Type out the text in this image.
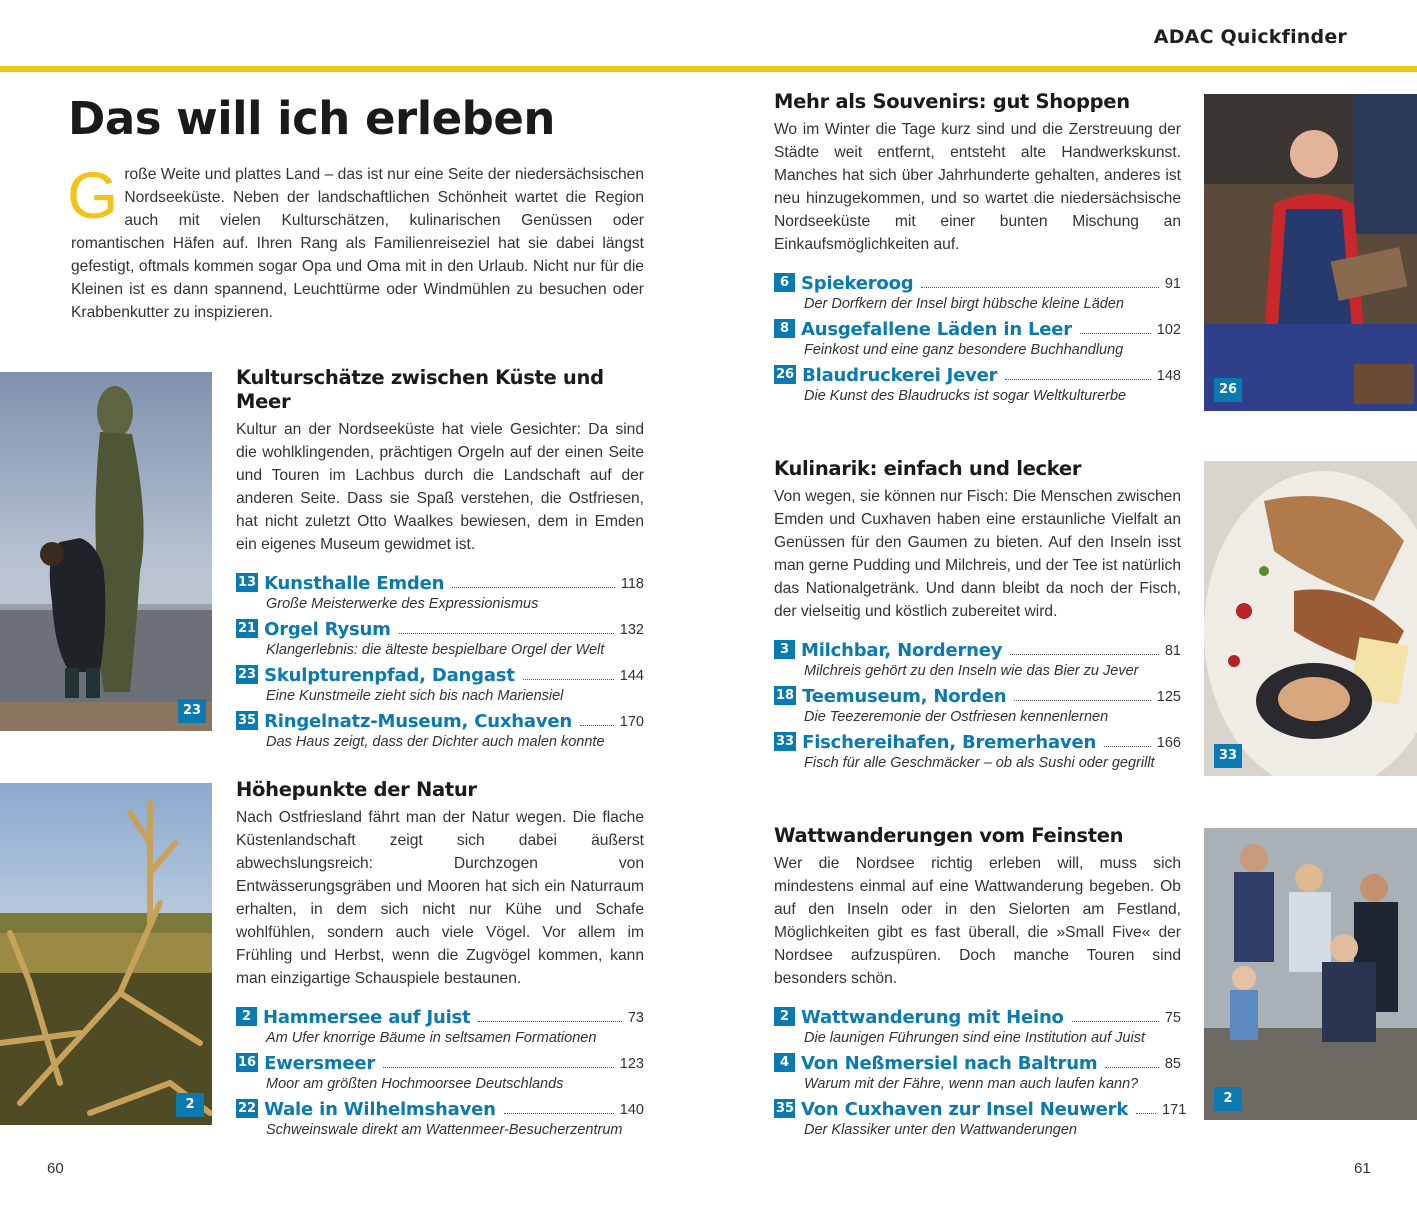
ADAC Quickfinder
Das will ich erleben
G roße Weite und plattes Land – das ist nur eine Seite der niedersächsischen Nordseeküste. Neben der landschaftlichen Schönheit wartet die Region auch mit vielen Kulturschätzen, kulinarischen Genüssen oder romantischen Häfen auf. Ihren Rang als Familienreiseziel hat sie dabei längst gefestigt, oftmals kommen sogar Opa und Oma mit in den Urlaub. Nicht nur für die Kleinen ist es dann spannend, Leuchttürme oder Windmühlen zu besuchen oder Krabbenkutter zu inspizieren.
23
2
26
33
2
Kulturschätze zwischen Küste und Meer

Kultur an der Nordseeküste hat viele Gesichter: Da sind die wohlklingenden, prächtigen Orgeln auf der einen Seite und Touren im Lachbus durch die Landschaft auf der anderen Seite. Dass sie Spaß verstehen, die Ostfriesen, hat nicht zuletzt Otto Waalkes bewiesen, dem in Emden ein eigenes Museum gewidmet ist.

13 Kunsthalle Emden	118
Große Meisterwerke des Expressionismus
21 Orgel Rysum	132
Klangerlebnis: die älteste bespielbare Orgel der Welt
23 Skulpturenpfad, Dangast	144
Eine Kunstmeile zieht sich bis nach Mariensiel
35 Ringelnatz-Museum, Cuxhaven	170
Das Haus zeigt, dass der Dichter auch malen konnte
Höhepunkte der Natur

Nach Ostfriesland fährt man der Natur wegen. Die flache Küstenlandschaft zeigt sich dabei äußerst abwechslungsreich: Durchzogen von Entwässerungsgräben und Mooren hat sich ein Naturraum erhalten, in dem sich nicht nur Kühe und Schafe wohlfühlen, sondern auch viele Vögel. Vor allem im Frühling und Herbst, wenn die Zugvögel kommen, kann man einzigartige Schauspiele bestaunen.

2 Hammersee auf Juist	73
Am Ufer knorrige Bäume in seltsamen Formationen
16 Ewersmeer	123
Moor am größten Hochmoorsee Deutschlands
22 Wale in Wilhelmshaven	140
Schweinswale direkt am Wattenmeer-Besucherzentrum
Mehr als Souvenirs: gut Shoppen

Wo im Winter die Tage kurz sind und die Zerstreuung der Städte weit entfernt, entsteht alte Handwerkskunst. Manches hat sich über Jahrhunderte gehalten, anderes ist neu hinzugekommen, und so wartet die niedersächsische Nordseeküste mit einer bunten Mischung an Einkaufsmöglichkeiten auf.

6 Spiekeroog	91
Der Dorfkern der Insel birgt hübsche kleine Läden
8 Ausgefallene Läden in Leer	102
Feinkost und eine ganz besondere Buchhandlung
26 Blaudruckerei Jever	148
Die Kunst des Blaudrucks ist sogar Weltkulturerbe
Kulinarik: einfach und lecker

Von wegen, sie können nur Fisch: Die Menschen zwischen Emden und Cuxhaven haben eine erstaunliche Vielfalt an Genüssen für den Gaumen zu bieten. Auf den Inseln isst man gerne Pudding und Milchreis, und der Tee ist natürlich das Nationalgetränk. Und dann bleibt da noch der Fisch, der vielseitig und köstlich zubereitet wird.

3 Milchbar, Norderney	81
Milchreis gehört zu den Inseln wie das Bier zu Jever
18 Teemuseum, Norden	125
Die Teezeremonie der Ostfriesen kennenlernen
33 Fischereihafen, Bremerhaven	166
Fisch für alle Geschmäcker – ob als Sushi oder gegrillt
Wattwanderungen vom Feinsten

Wer die Nordsee richtig erleben will, muss sich mindestens einmal auf eine Wattwanderung begeben. Ob auf den Inseln oder in den Sielorten am Festland, Möglichkeiten gibt es fast überall, die »Small Five« der Nordsee aufzuspüren. Doch manche Touren sind besonders schön.

2 Wattwanderung mit Heino	75
Die launigen Führungen sind eine Institution auf Juist
4 Von Neßmersiel nach Baltrum	85
Warum mit der Fähre, wenn man auch laufen kann?
35 Von Cuxhaven zur Insel Neuwerk 171
Der Klassiker unter den Wattwanderungen
60	61
